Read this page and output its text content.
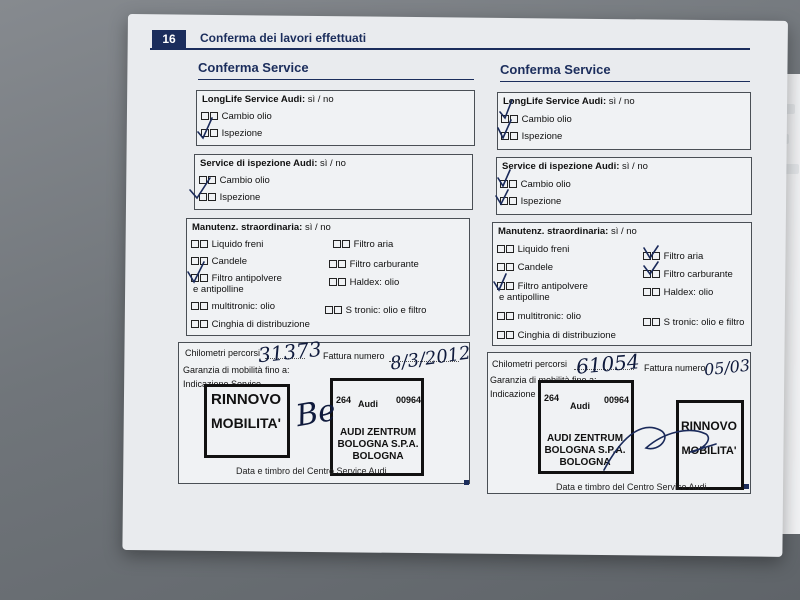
16	Conferma dei lavori effettuati
Conferma Service
LongLife Service Audi: sì / no
Cambio olio
Ispezione
Service di ispezione Audi: sì / no
Cambio olio
Ispezione
Manutenz. straordinaria: sì / no
Liquido freni
Candele
Filtro antipolvere
e antipolline
multitronic: olio
Cinghia di distribuzione
Filtro aria
Filtro carburante
Haldex: olio
S tronic: olio e filtro
Chilometri percorsi	Fattura numero
Garanzia di mobilità fino a:
Indicazione Service
31373	8/3/2012
RINNOVO
MOBILITA'
264	00964
Audi
AUDI ZENTRUM
BOLOGNA S.P.A.
BOLOGNA
Be
Data e timbro del Centro Service Audi
Conferma Service
LongLife Service Audi: sì / no
Cambio olio
Ispezione
Service di ispezione Audi: sì / no
Cambio olio
Ispezione
Manutenz. straordinaria: sì / no
Liquido freni
Candele
Filtro antipolvere
e antipolline
multitronic: olio
Cinghia di distribuzione
Filtro aria
Filtro carburante
Haldex: olio
S tronic: olio e filtro
Chilometri percorsi	Fattura numero
Garanzia di mobilità fino a:
Indicazione
61054	05/03
264	00964
Audi
AUDI ZENTRUM
BOLOGNA S.P.A.
BOLOGNA
RINNOVO
MOBILITA'
Data e timbro del Centro Service Audi
